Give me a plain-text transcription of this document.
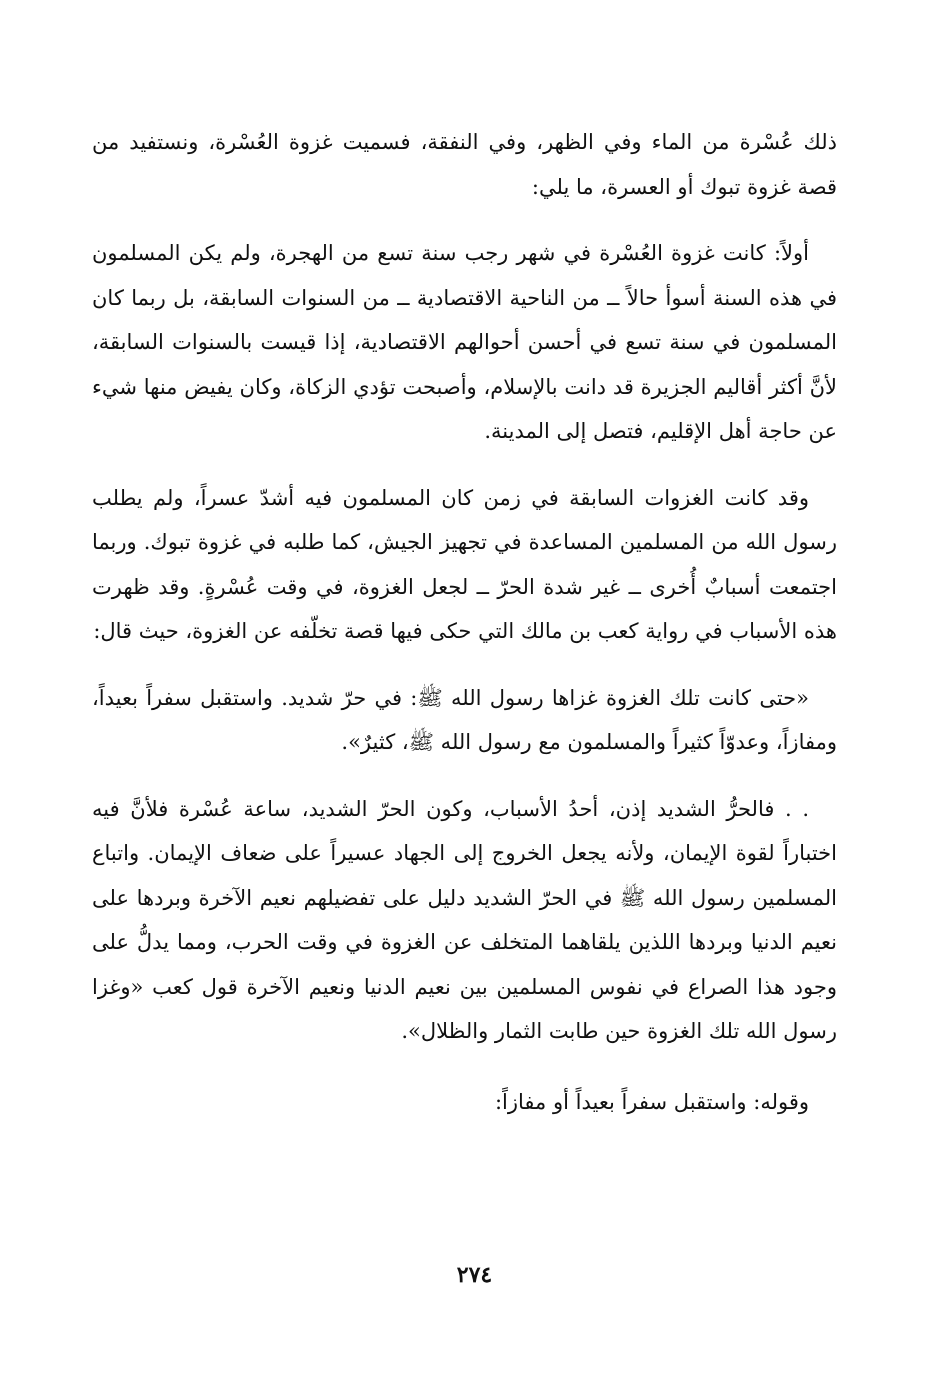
ذلك عُسْرة من الماء وفي الظهر، وفي النفقة، فسميت غزوة العُسْرة، ونستفيد من قصة غزوة تبوك أو العسرة، ما يلي:

أولاً: كانت غزوة العُسْرة في شهر رجب سنة تسع من الهجرة، ولم يكن المسلمون في هذه السنة أسوأ حالاً ــ من الناحية الاقتصادية ــ من السنوات السابقة، بل ربما كان المسلمون في سنة تسع في أحسن أحوالهم الاقتصادية، إذا قيست بالسنوات السابقة، لأنَّ أكثر أقاليم الجزيرة قد دانت بالإسلام، وأصبحت تؤدي الزكاة، وكان يفيض منها شيء عن حاجة أهل الإقليم، فتصل إلى المدينة.

وقد كانت الغزوات السابقة في زمن كان المسلمون فيه أشدّ عسراً، ولم يطلب رسول الله من المسلمين المساعدة في تجهيز الجيش، كما طلبه في غزوة تبوك. وربما اجتمعت أسبابٌ أُخرى ــ غير شدة الحرّ ــ لجعل الغزوة، في وقت عُسْرةٍ. وقد ظهرت هذه الأسباب في رواية كعب بن مالك التي حكى فيها قصة تخلّفه عن الغزوة، حيث قال:

«حتى كانت تلك الغزوة غزاها رسول الله ﷺ: في حرّ شديد. واستقبل سفراً بعيداً، ومفازاً، وعدوّاً كثيراً والمسلمون مع رسول الله ﷺ، كثيرٌ».

. . فالحرُّ الشديد إذن، أحدُ الأسباب، وكون الحرّ الشديد، ساعة عُسْرة فلأنَّ فيه اختباراً لقوة الإيمان، ولأنه يجعل الخروج إلى الجهاد عسيراً على ضعاف الإيمان. واتباع المسلمين رسول الله ﷺ في الحرّ الشديد دليل على تفضيلهم نعيم الآخرة وبردها على نعيم الدنيا وبردها اللذين يلقاهما المتخلف عن الغزوة في وقت الحرب، ومما يدلُّ على وجود هذا الصراع في نفوس المسلمين بين نعيم الدنيا ونعيم الآخرة قول كعب «وغزا رسول الله تلك الغزوة حين طابت الثمار والظلال».

وقوله: واستقبل سفراً بعيداً أو مفازاً:

٢٧٤
